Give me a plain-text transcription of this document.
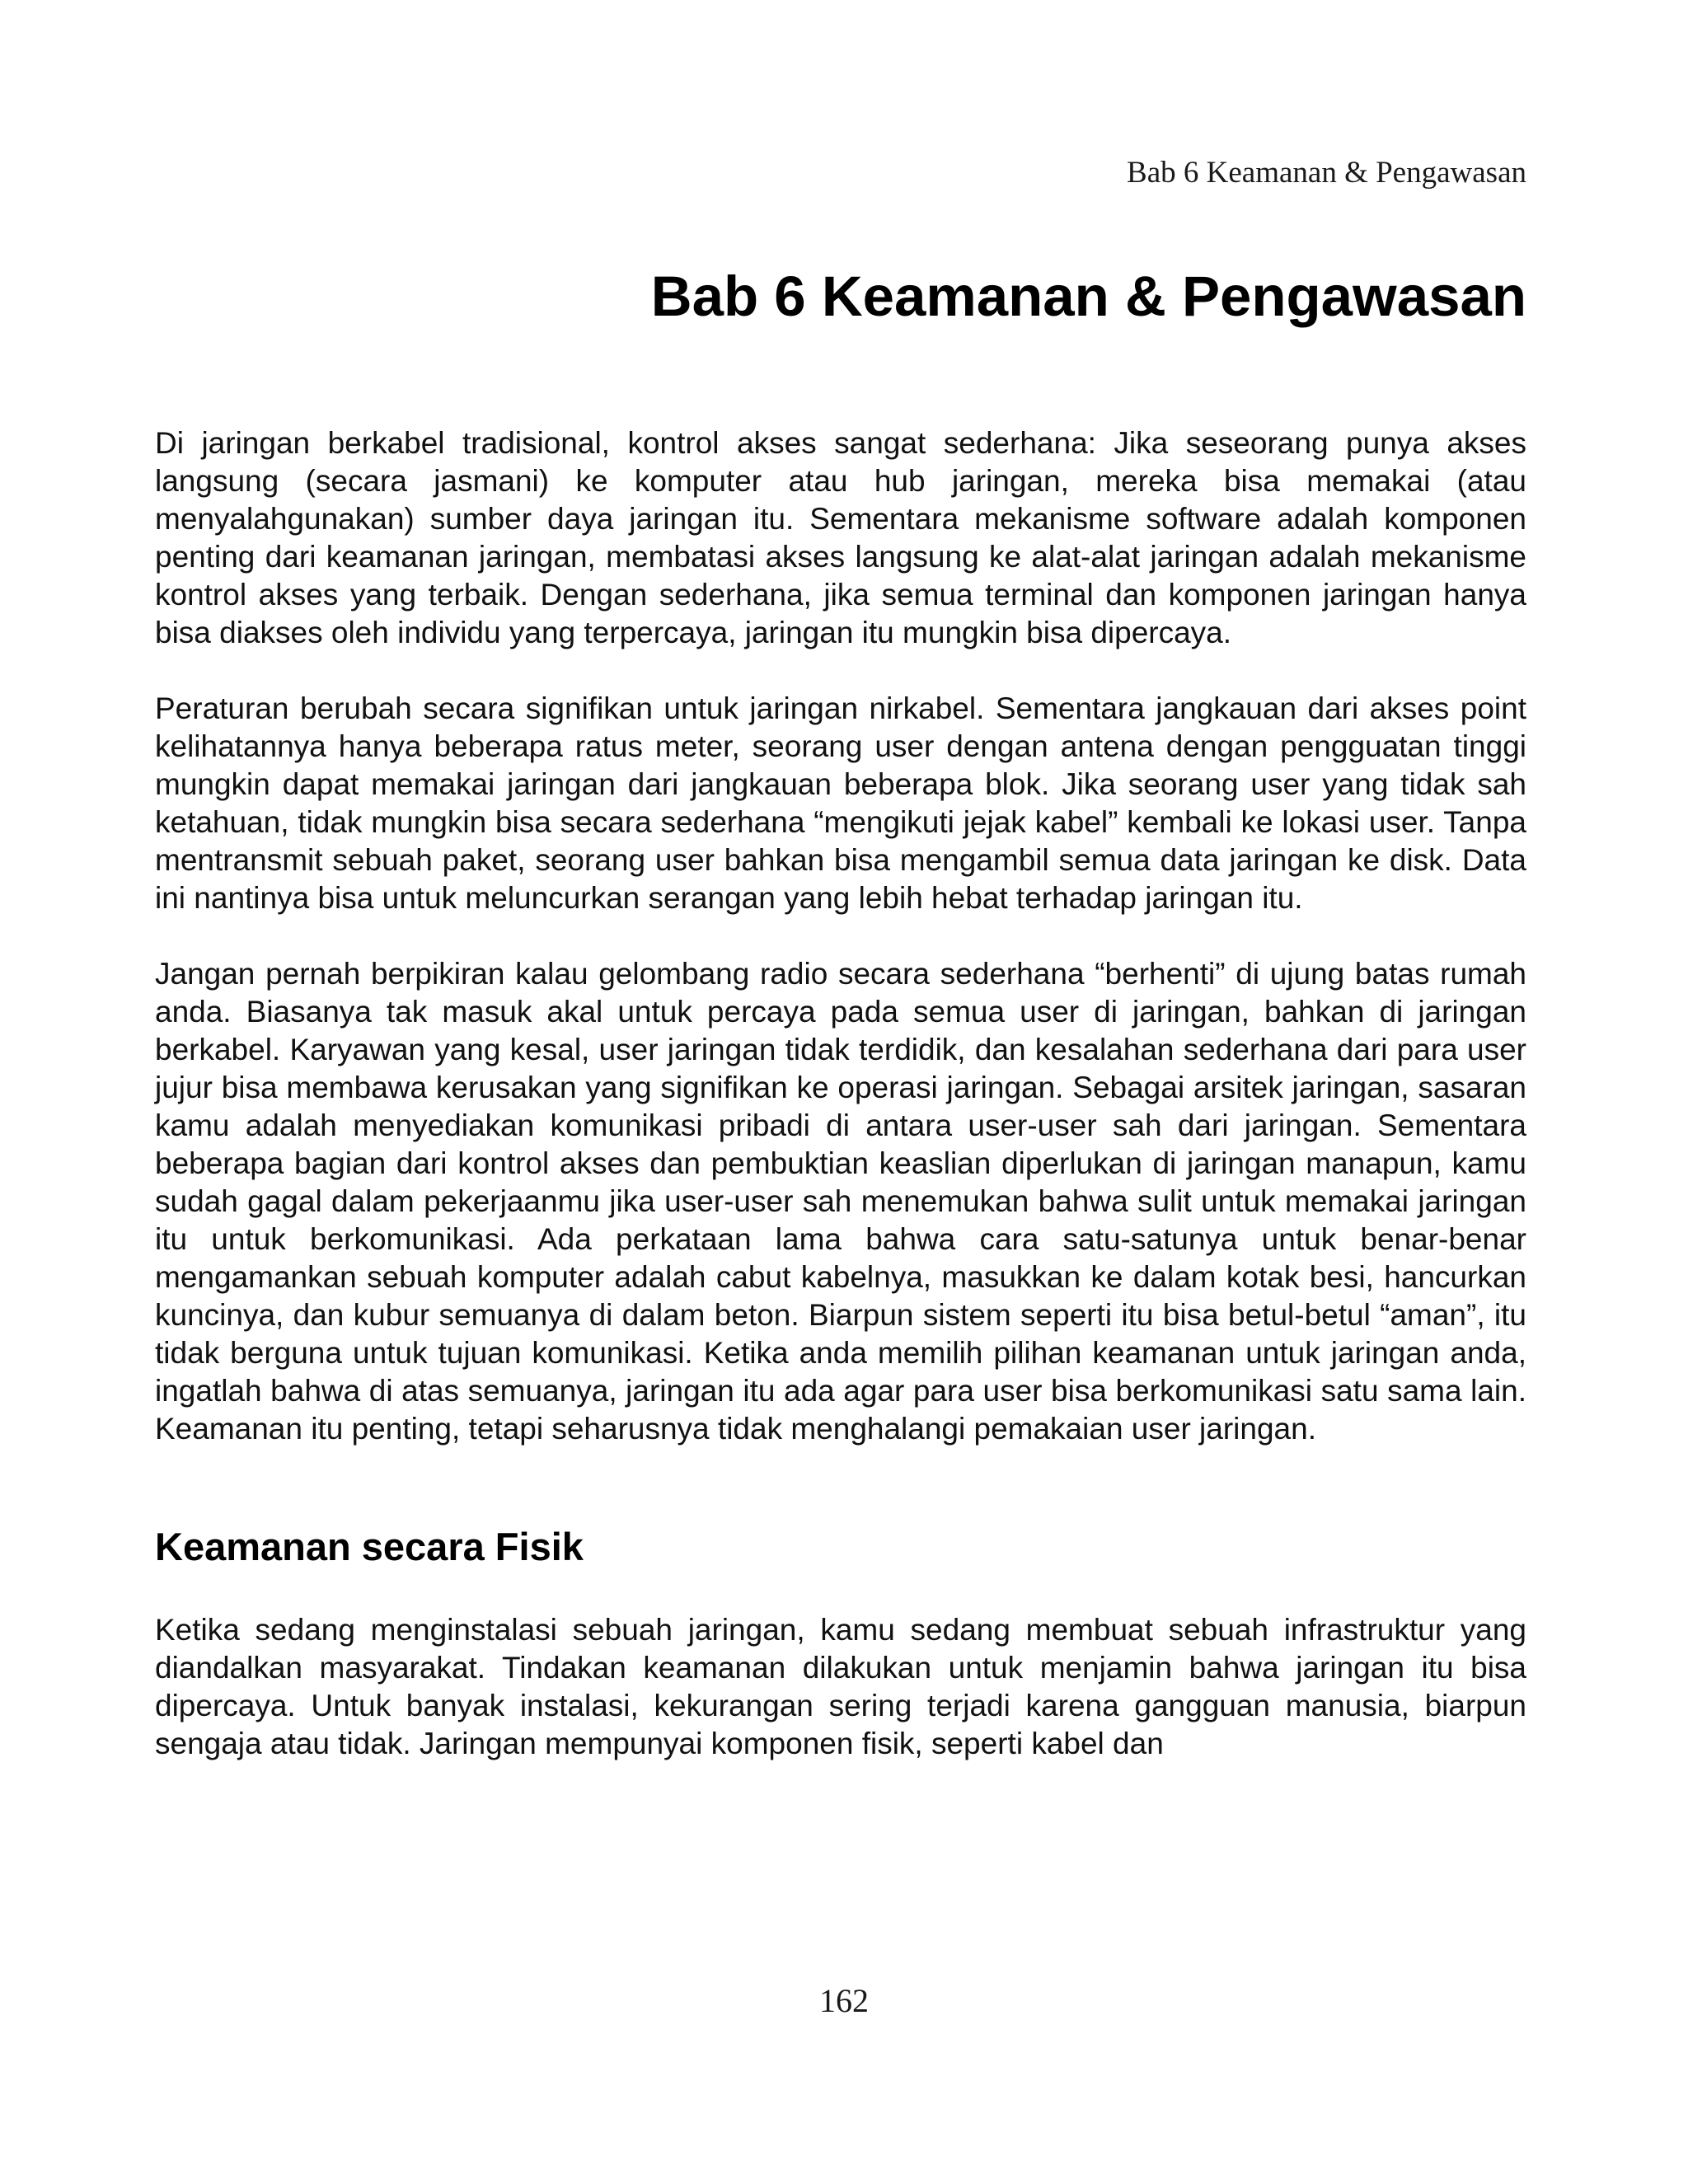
Bab 6 Keamanan & Pengawasan
Bab 6 Keamanan & Pengawasan

Di jaringan berkabel tradisional, kontrol akses sangat sederhana: Jika seseorang punya akses langsung (secara jasmani) ke komputer atau hub jaringan, mereka bisa memakai (atau menyalahgunakan) sumber daya jaringan itu. Sementara mekanisme software adalah komponen penting dari keamanan jaringan, membatasi akses langsung ke alat-alat jaringan adalah mekanisme kontrol akses yang terbaik. Dengan sederhana, jika semua terminal dan komponen jaringan hanya bisa diakses oleh individu yang terpercaya, jaringan itu mungkin bisa dipercaya.

Peraturan berubah secara signifikan untuk jaringan nirkabel. Sementara jangkauan dari akses point kelihatannya hanya beberapa ratus meter, seorang user dengan antena dengan pengguatan tinggi mungkin dapat memakai jaringan dari jangkauan beberapa blok. Jika seorang user yang tidak sah ketahuan, tidak mungkin bisa secara sederhana “mengikuti jejak kabel” kembali ke lokasi user. Tanpa mentransmit sebuah paket, seorang user bahkan bisa mengambil semua data jaringan ke disk. Data ini nantinya bisa untuk meluncurkan serangan yang lebih hebat terhadap jaringan itu.

Jangan pernah berpikiran kalau gelombang radio secara sederhana “berhenti” di ujung batas rumah anda. Biasanya tak masuk akal untuk percaya pada semua user di jaringan, bahkan di jaringan berkabel. Karyawan yang kesal, user jaringan tidak terdidik, dan kesalahan sederhana dari para user jujur bisa membawa kerusakan yang signifikan ke operasi jaringan. Sebagai arsitek jaringan, sasaran kamu adalah menyediakan komunikasi pribadi di antara user-user sah dari jaringan. Sementara beberapa bagian dari kontrol akses dan pembuktian keaslian diperlukan di jaringan manapun, kamu sudah gagal dalam pekerjaanmu jika user-user sah menemukan bahwa sulit untuk memakai jaringan itu untuk berkomunikasi. Ada perkataan lama bahwa cara satu-satunya untuk benar-benar mengamankan sebuah komputer adalah cabut kabelnya, masukkan ke dalam kotak besi, hancurkan kuncinya, dan kubur semuanya di dalam beton. Biarpun sistem seperti itu bisa betul-betul “aman”, itu tidak berguna untuk tujuan komunikasi. Ketika anda memilih pilihan keamanan untuk jaringan anda, ingatlah bahwa di atas semuanya, jaringan itu ada agar para user bisa berkomunikasi satu sama lain. Keamanan itu penting, tetapi seharusnya tidak menghalangi pemakaian user jaringan.

Keamanan secara Fisik

Ketika sedang menginstalasi sebuah jaringan, kamu sedang membuat sebuah infrastruktur yang diandalkan masyarakat. Tindakan keamanan dilakukan untuk menjamin bahwa jaringan itu bisa dipercaya. Untuk banyak instalasi, kekurangan sering terjadi karena gangguan manusia, biarpun sengaja atau tidak. Jaringan mempunyai komponen fisik, seperti kabel dan

162
